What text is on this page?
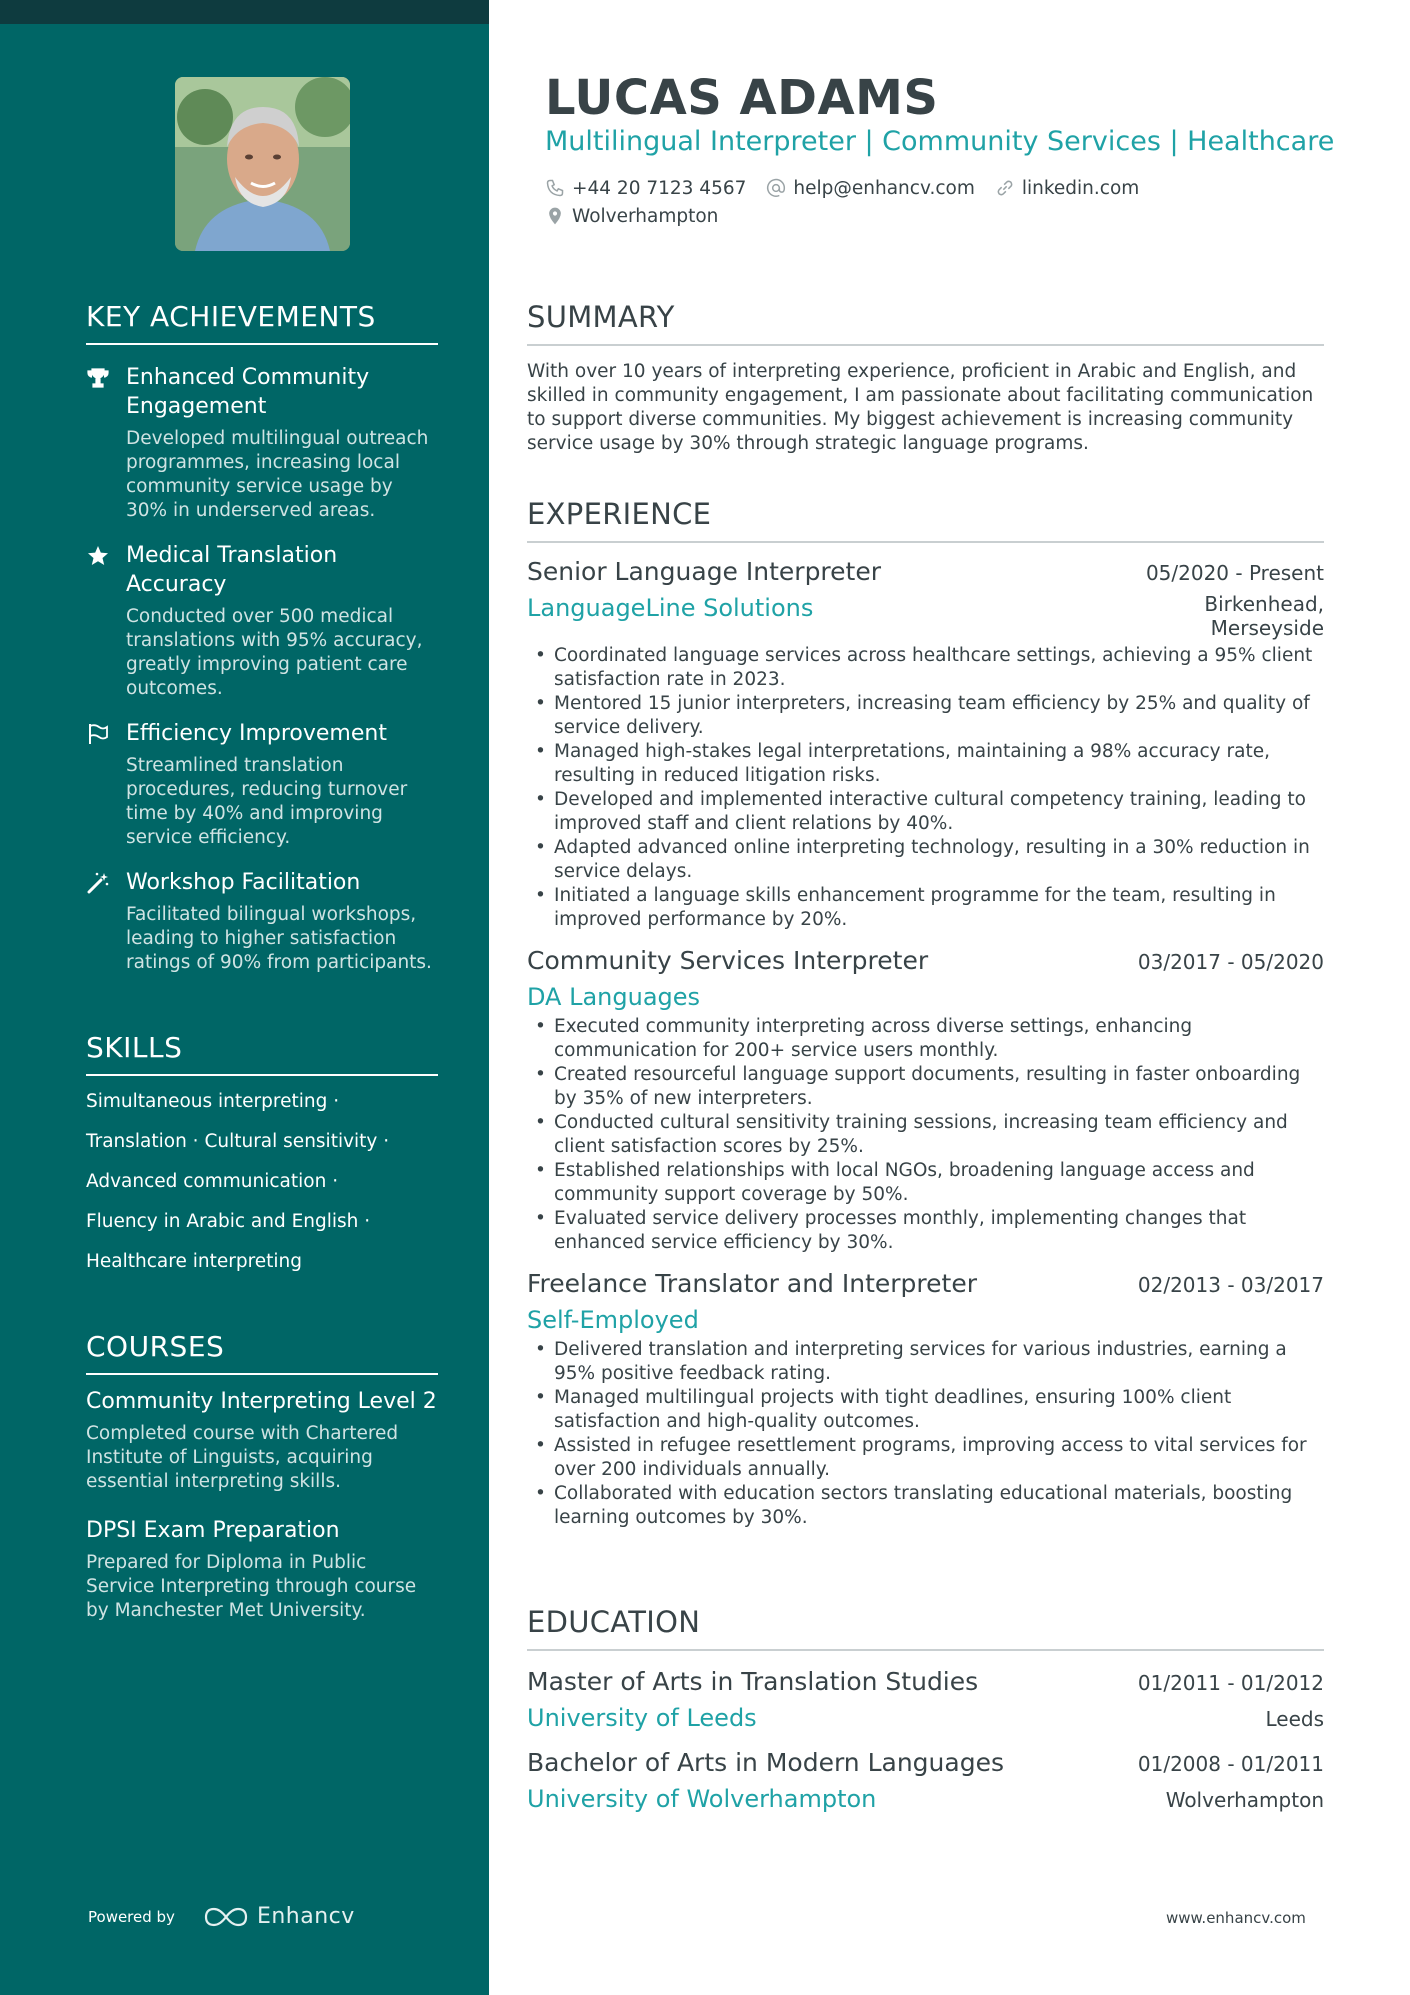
KEY ACHIEVEMENTS
Enhanced Community Engagement
Developed multilingual outreach programmes, increasing local community service usage by 30% in underserved areas.
Medical Translation Accuracy
Conducted over 500 medical translations with 95% accuracy, greatly improving patient care outcomes.
Efficiency Improvement
Streamlined translation procedures, reducing turnover time by 40% and improving service efficiency.
Workshop Facilitation
Facilitated bilingual workshops, leading to higher satisfaction ratings of 90% from participants.
SKILLS
Simultaneous interpreting ·
Translation · Cultural sensitivity ·
Advanced communication ·
Fluency in Arabic and English ·
Healthcare interpreting
COURSES
Community Interpreting Level 2
Completed course with Chartered Institute of Linguists, acquiring essential interpreting skills.
DPSI Exam Preparation
Prepared for Diploma in Public Service Interpreting through course by Manchester Met University.
Powered by	Enhancv
LUCAS ADAMS
Multilingual Interpreter | Community Services | Healthcare
+44 20 7123 4567	help@enhancv.com	linkedin.com
Wolverhampton
SUMMARY
With over 10 years of interpreting experience, proficient in Arabic and English, and skilled in community engagement, I am passionate about facilitating communication to support diverse communities. My biggest achievement is increasing community service usage by 30% through strategic language programs.
EXPERIENCE
Senior Language Interpreter	05/2020 - Present
LanguageLine Solutions	Birkenhead,
Merseyside
• Coordinated language services across healthcare settings, achieving a 95% client satisfaction rate in 2023.
• Mentored 15 junior interpreters, increasing team efficiency by 25% and quality of service delivery.
• Managed high-stakes legal interpretations, maintaining a 98% accuracy rate, resulting in reduced litigation risks.
• Developed and implemented interactive cultural competency training, leading to improved staff and client relations by 40%.
• Adapted advanced online interpreting technology, resulting in a 30% reduction in service delays.
• Initiated a language skills enhancement programme for the team, resulting in improved performance by 20%.
Community Services Interpreter	03/2017 - 05/2020
DA Languages
• Executed community interpreting across diverse settings, enhancing communication for 200+ service users monthly.
• Created resourceful language support documents, resulting in faster onboarding by 35% of new interpreters.
• Conducted cultural sensitivity training sessions, increasing team efficiency and client satisfaction scores by 25%.
• Established relationships with local NGOs, broadening language access and community support coverage by 50%.
• Evaluated service delivery processes monthly, implementing changes that enhanced service efficiency by 30%.
Freelance Translator and Interpreter	02/2013 - 03/2017
Self-Employed
• Delivered translation and interpreting services for various industries, earning a 95% positive feedback rating.
• Managed multilingual projects with tight deadlines, ensuring 100% client satisfaction and high-quality outcomes.
• Assisted in refugee resettlement programs, improving access to vital services for over 200 individuals annually.
• Collaborated with education sectors translating educational materials, boosting learning outcomes by 30%.
EDUCATION
Master of Arts in Translation Studies	01/2011 - 01/2012
University of Leeds	Leeds
Bachelor of Arts in Modern Languages	01/2008 - 01/2011
University of Wolverhampton	Wolverhampton
www.enhancv.com
